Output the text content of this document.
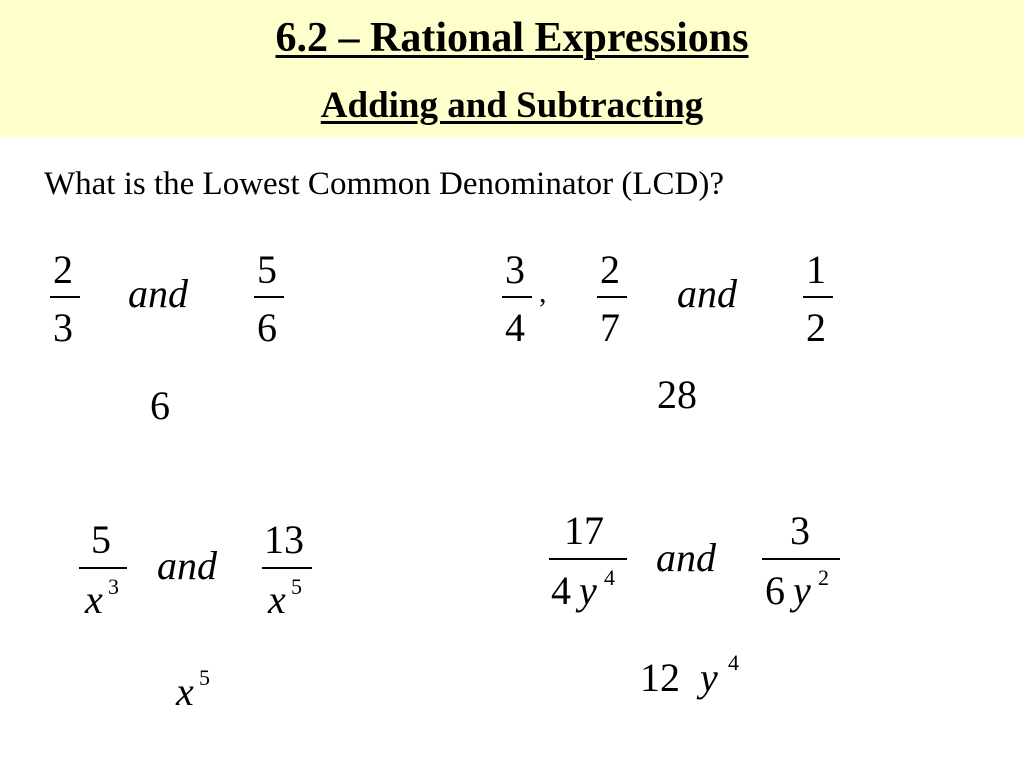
6.2 – Rational Expressions
Adding and Subtracting
What is the Lowest Common Denominator (LCD)?
2
3
and
5
6
6
3
4
,
2
7
and
1
2
28
5
x 3 and
13
x 5
x 5
17
4 y 4 and
3
6 y 2
12 y 4
